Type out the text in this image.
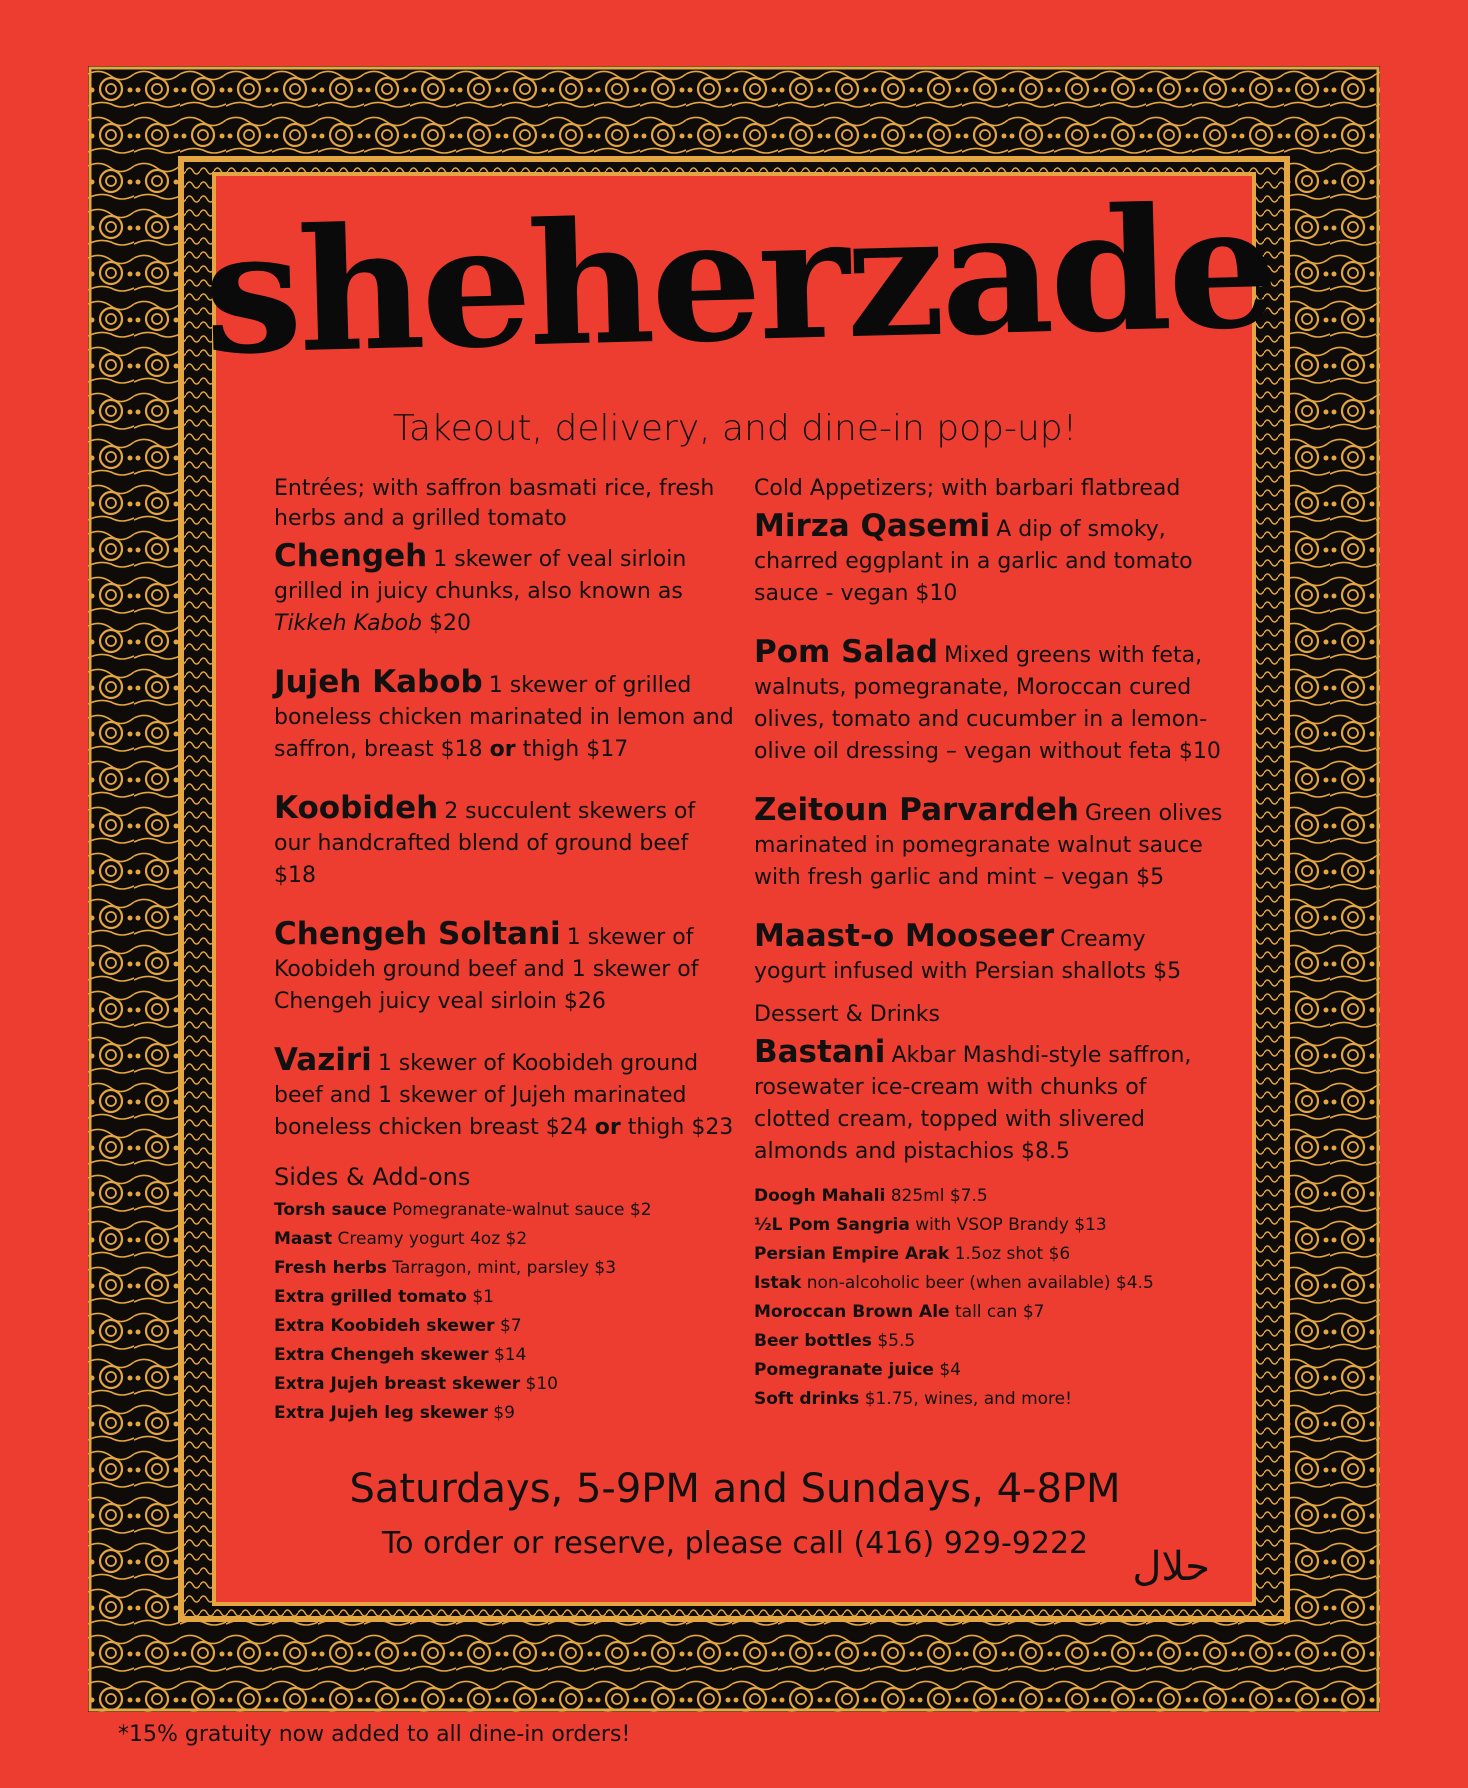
sheherzade
Takeout, delivery, and dine-in pop-up!
Entrées; with saffron basmati rice, fresh
herbs and a grilled tomato
Chengeh 1 skewer of veal sirloin grilled in juicy chunks, also known as Tikkeh Kabob $20
Jujeh Kabob 1 skewer of grilled boneless chicken marinated in lemon and saffron, breast $18 or thigh $17
Koobideh 2 succulent skewers of our handcrafted blend of ground beef $18
Chengeh Soltani 1 skewer of Koobideh ground beef and 1 skewer of Chengeh juicy veal sirloin $26
Vaziri 1 skewer of Koobideh ground beef and 1 skewer of Jujeh marinated boneless chicken breast $24 or thigh $23
Sides & Add-ons

Torsh sauce Pomegranate-walnut sauce $2

Maast Creamy yogurt 4oz $2

Fresh herbs Tarragon, mint, parsley $3

Extra grilled tomato $1

Extra Koobideh skewer $7

Extra Chengeh skewer $14

Extra Jujeh breast skewer $10

Extra Jujeh leg skewer $9

Cold Appetizers; with barbari flatbread
Mirza Qasemi A dip of smoky, charred eggplant in a garlic and tomato sauce - vegan $10
Pom Salad Mixed greens with feta, walnuts, pomegranate, Moroccan cured olives, tomato and cucumber in a lemon-olive oil dressing – vegan without feta $10
Zeitoun Parvardeh Green olives marinated in pomegranate walnut sauce with fresh garlic and mint – vegan $5
Maast-o Mooseer Creamy yogurt infused with Persian shallots $5
Dessert & Drinks
Bastani Akbar Mashdi-style saffron, rosewater ice-cream with chunks of clotted cream, topped with slivered almonds and pistachios $8.5

Doogh Mahali 825ml $7.5

½L Pom Sangria with VSOP Brandy $13

Persian Empire Arak 1.5oz shot $6

Istak non-alcoholic beer (when available) $4.5

Moroccan Brown Ale tall can $7

Beer bottles $5.5

Pomegranate juice $4

Soft drinks $1.75, wines, and more!

Saturdays, 5-9PM and Sundays, 4-8PM
To order or reserve, please call (416) 929-9222
حلال
*15% gratuity now added to all dine-in orders!
